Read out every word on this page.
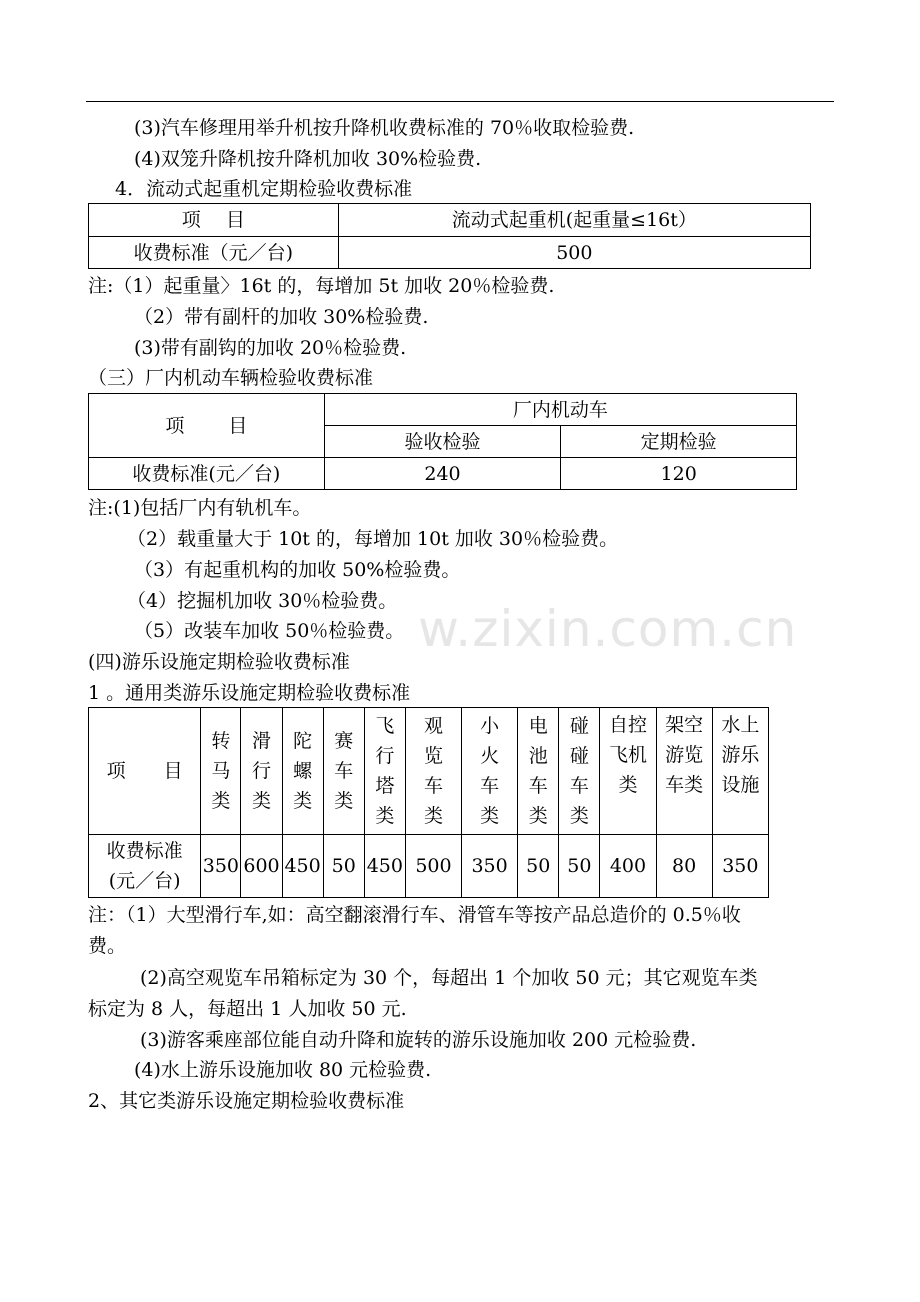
(3)汽车修理用举升机按升降机收费标准的 70％收取检验费.
(4)双笼升降机按升降机加收 30%检验费.
4．流动式起重机定期检验收费标准
项　 目	流动式起重机(起重量≤16t）
收费标准（元／台)	500
注:（1）起重量〉16t 的，每增加 5t 加收 20％检验费.
（2）带有副杆的加收 30%检验费.
(3)带有副钩的加收 20％检验费.
（三）厂内机动车辆检验收费标准
项　　 目	厂内机动车	
	验收检验	定期检验
收费标准(元／台)	240	120
注:(1)包括厂内有轨机车。
（2）载重量大于 10t 的，每增加 10t 加收 30％检验费。
（3）有起重机构的加收 50%检验费。
（4）挖掘机加收 30％检验费。
（5）改装车加收 50％检验费。
(四)游乐设施定期检验收费标准
1 。通用类游乐设施定期检验收费标准
w.zixin.com.cn
项　　目	转
马
类	滑
行
类	陀
螺
类	赛
车
类	飞
行
塔
类	观
览
车
类	小
火
车
类	电
池
车
类	碰
碰
车
类	自控
飞机
类	架空
游览
车类	水上
游乐
设施
收费标准
(元／台)	350	600	450	50	450	500	350	50	50	400	80	350
注：（1）大型滑行车,如：高空翻滚滑行车、滑管车等按产品总造价的 0.5％收
费。
(2)高空观览车吊箱标定为 30 个，每超出 1 个加收 50 元；其它观览车类
标定为 8 人，每超出 1 人加收 50 元.
(3)游客乘座部位能自动升降和旋转的游乐设施加收 200 元检验费.
(4)水上游乐设施加收 80 元检验费.
2、其它类游乐设施定期检验收费标准
